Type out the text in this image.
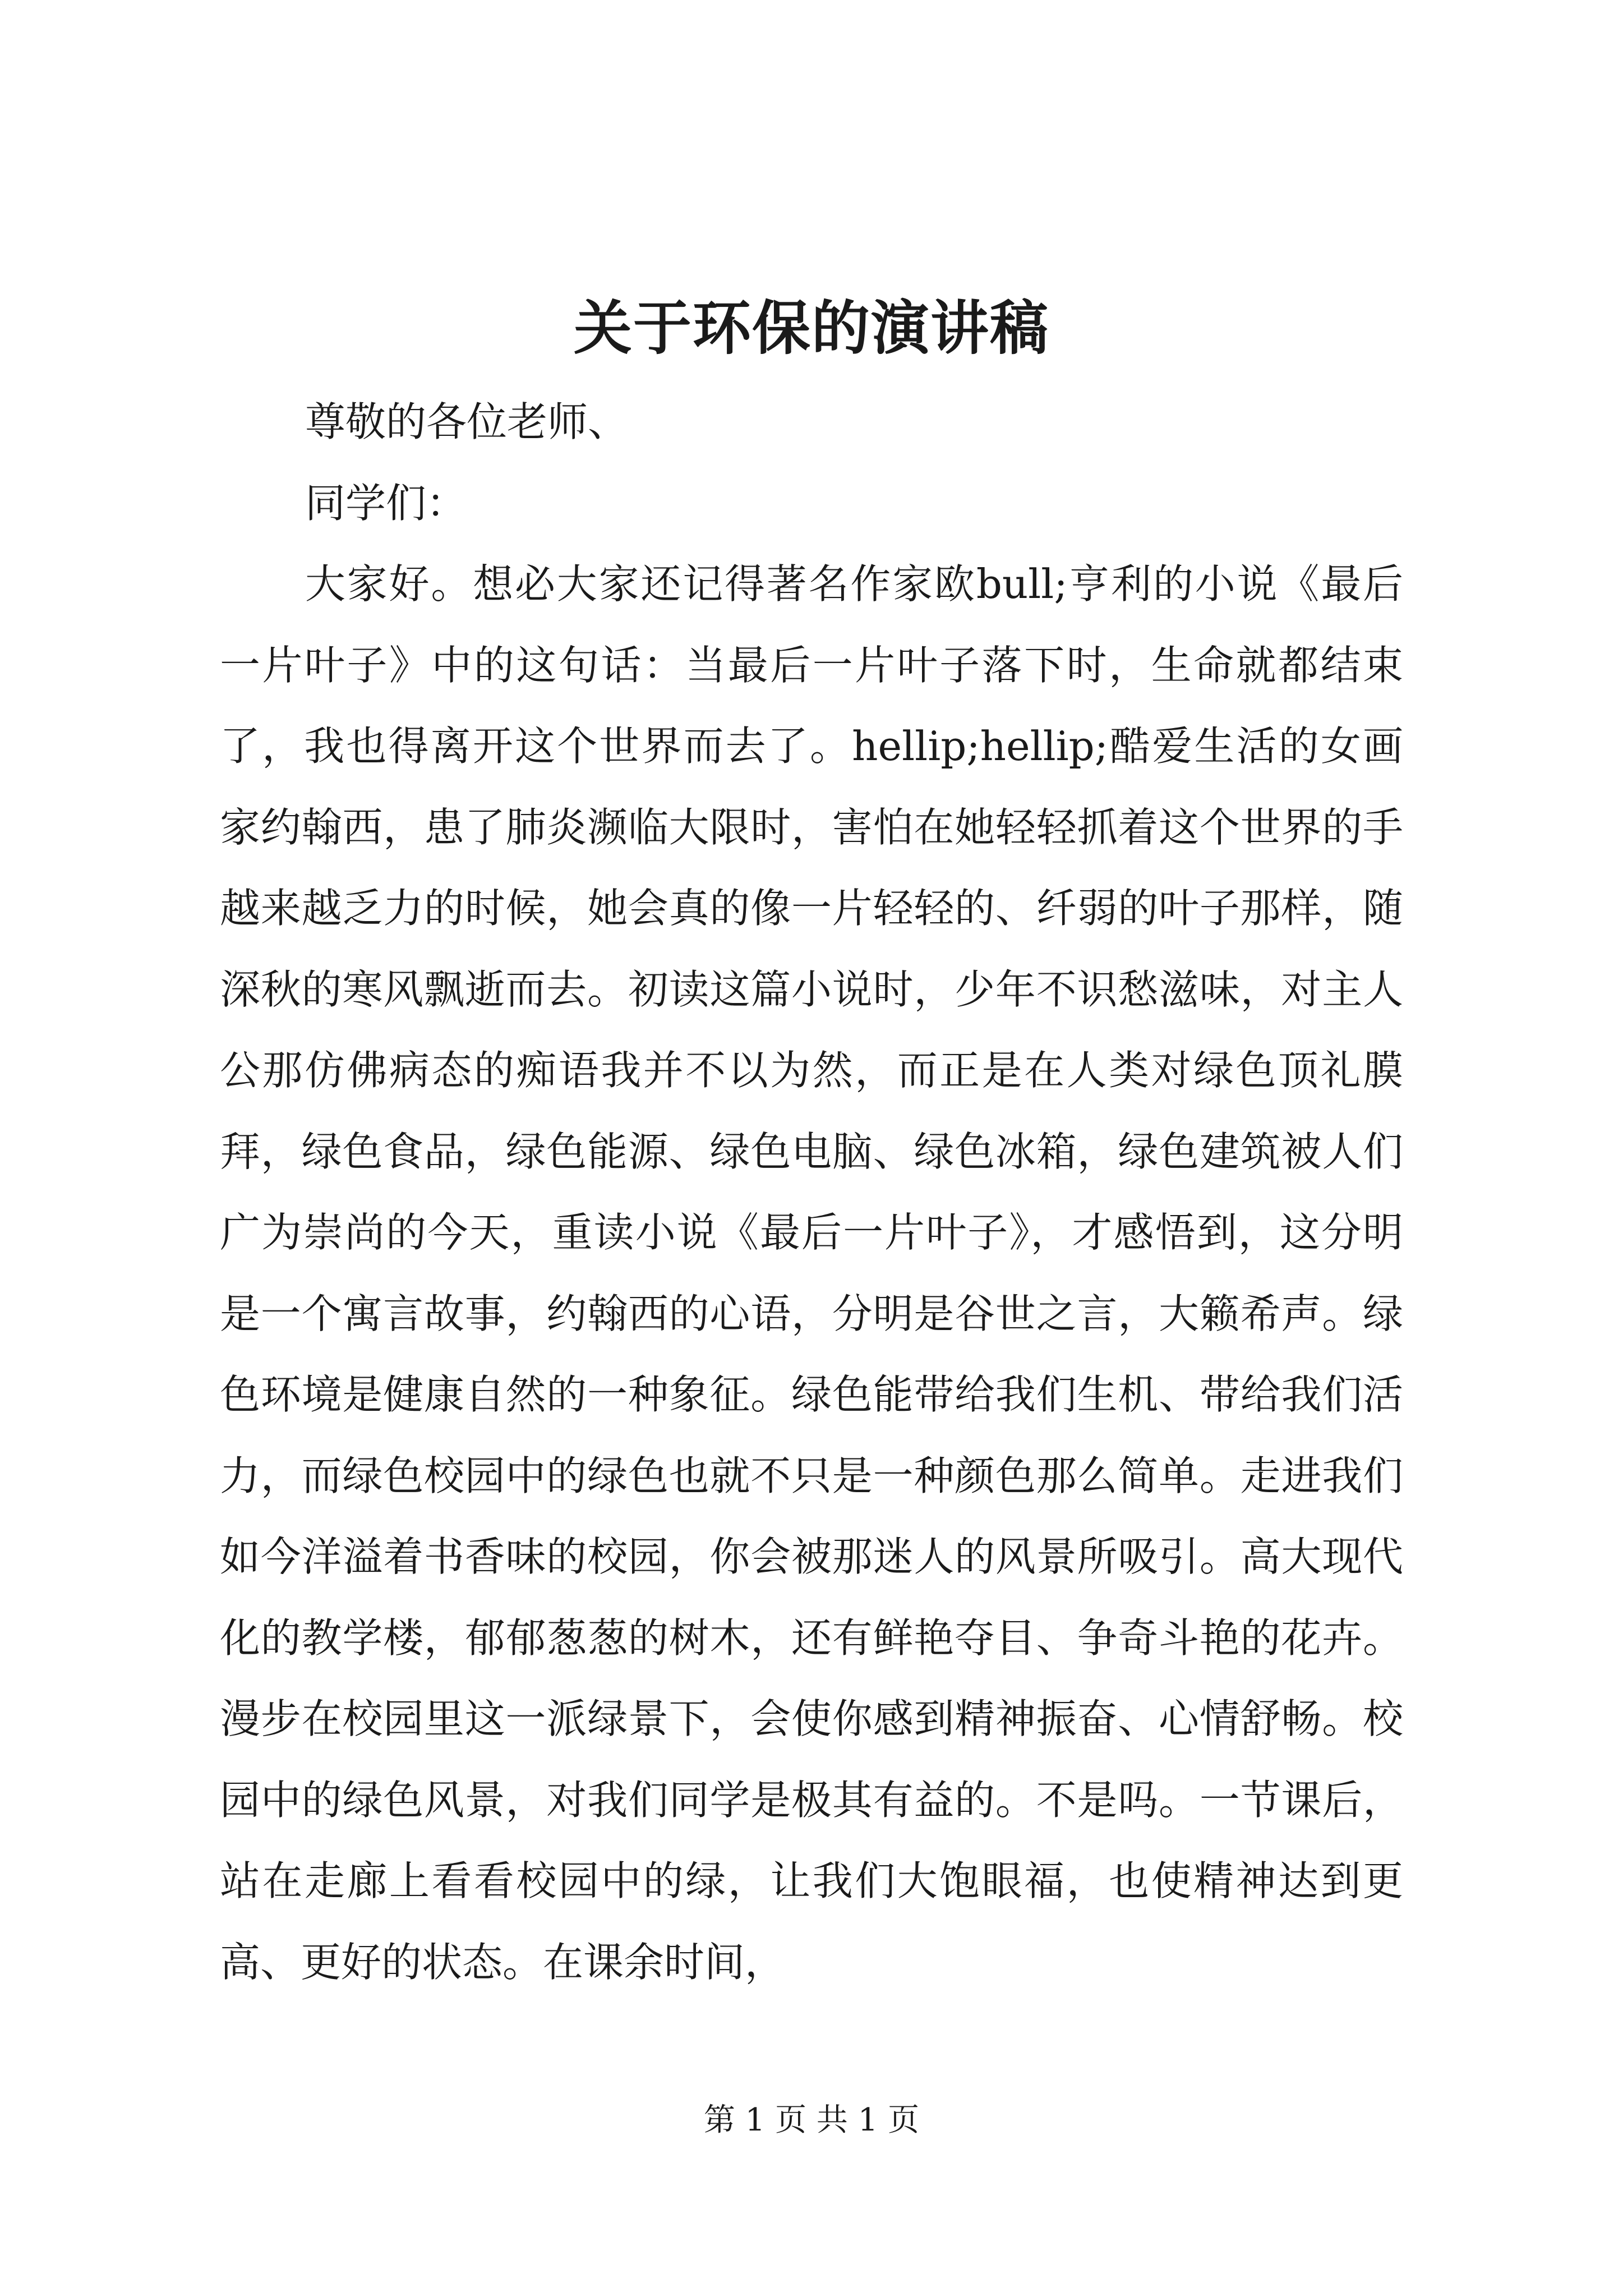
关于环保的演讲稿

尊敬的各位老师、

同学们：

大家好。想必大家还记得著名作家欧bull;亨利的小说《最后一片叶子》中的这句话：当最后一片叶子落下时，生命就都结束了，我也得离开这个世界而去了。hellip;hellip;酷爱生活的女画家约翰西，患了肺炎濒临大限时，害怕在她轻轻抓着这个世界的手越来越乏力的时候，她会真的像一片轻轻的、纤弱的叶子那样，随深秋的寒风飘逝而去。初读这篇小说时，少年不识愁滋味，对主人公那仿佛病态的痴语我并不以为然，而正是在人类对绿色顶礼膜拜，绿色食品，绿色能源、绿色电脑、绿色冰箱，绿色建筑被人们广为崇尚的今天，重读小说《最后一片叶子》，才感悟到，这分明是一个寓言故事，约翰西的心语，分明是谷世之言，大籁希声。绿色环境是健康自然的一种象征。绿色能带给我们生机、带给我们活力，而绿色校园中的绿色也就不只是一种颜色那么简单。走进我们如今洋溢着书香味的校园，你会被那迷人的风景所吸引。高大现代化的教学楼，郁郁葱葱的树木，还有鲜艳夺目、争奇斗艳的花卉。漫步在校园里这一派绿景下，会使你感到精神振奋、心情舒畅。校园中的绿色风景，对我们同学是极其有益的。不是吗。一节课后，站在走廊上看看校园中的绿，让我们大饱眼福，也使精神达到更高、更好的状态。在课余时间，

第 1 页 共 1 页
